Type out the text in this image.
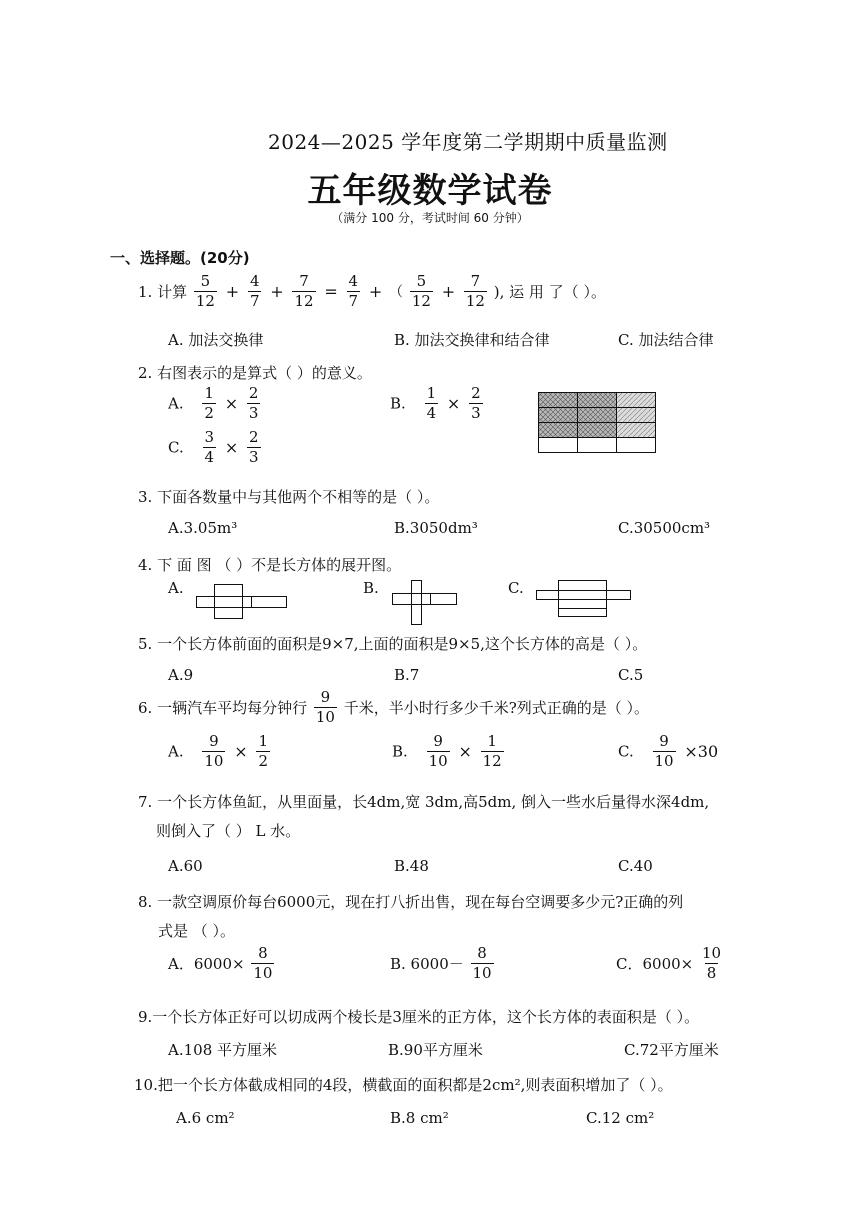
2024—2025 学年度第二学期期中质量监测
五年级数学试卷
（满分 100 分，考试时间 60 分钟）
一、选择题。(20分)
1. 计算 $\frac{5}{12} + \frac{4}{7} + \frac{7}{12} = \frac{4}{7}$ + （ $\frac{5}{12} + \frac{7}{12}$ ), 运 用 了（ ）。
A. 加法交换律	B. 加法交换律和结合律	C. 加法结合律
2. 右图表示的是算式（ ）的意义。
A. $\frac{1}{2} \times \frac{2}{3}$	B. $\frac{1}{4} \times \frac{2}{3}$
C. $\frac{3}{4} \times \frac{2}{3}$
3. 下面各数量中与其他两个不相等的是（ ）。
A.3.05m³	B.3050dm³	C.30500cm³
4. 下 面 图 （ ）不是长方体的展开图。
A.	B.	C.
5. 一个长方体前面的面积是9×7,上面的面积是9×5,这个长方体的高是（ ）。
A.9	B.7	C.5
6. 一辆汽车平均每分钟行 $\frac{9}{10}$ 千米，半小时行多少千米?列式正确的是（ ）。
A. $\frac{9}{10} \times \frac{1}{2}$	B. $\frac{9}{10} \times \frac{1}{12}$	C. $\frac{9}{10} \times 30$
7. 一个长方体鱼缸，从里面量，长4dm,宽 3dm,高5dm, 倒入一些水后量得水深4dm,
则倒入了（ ） L 水。
A.60	B.48	C.40
8. 一款空调原价每台6000元，现在打八折出售，现在每台空调要多少元?正确的列
式是 （ ）。
A．$6000\times \frac{8}{10}$	B. $6000- \frac{8}{10}$	C．$6000\times \frac{10}{8}$
9.一个长方体正好可以切成两个棱长是3厘米的正方体，这个长方体的表面积是（ ）。
A.108 平方厘米	B.90平方厘米	C.72平方厘米
10.把一个长方体截成相同的4段，横截面的面积都是2cm²,则表面积增加了（ ）。
A.6 cm²	B.8 cm²	C.12 cm²
